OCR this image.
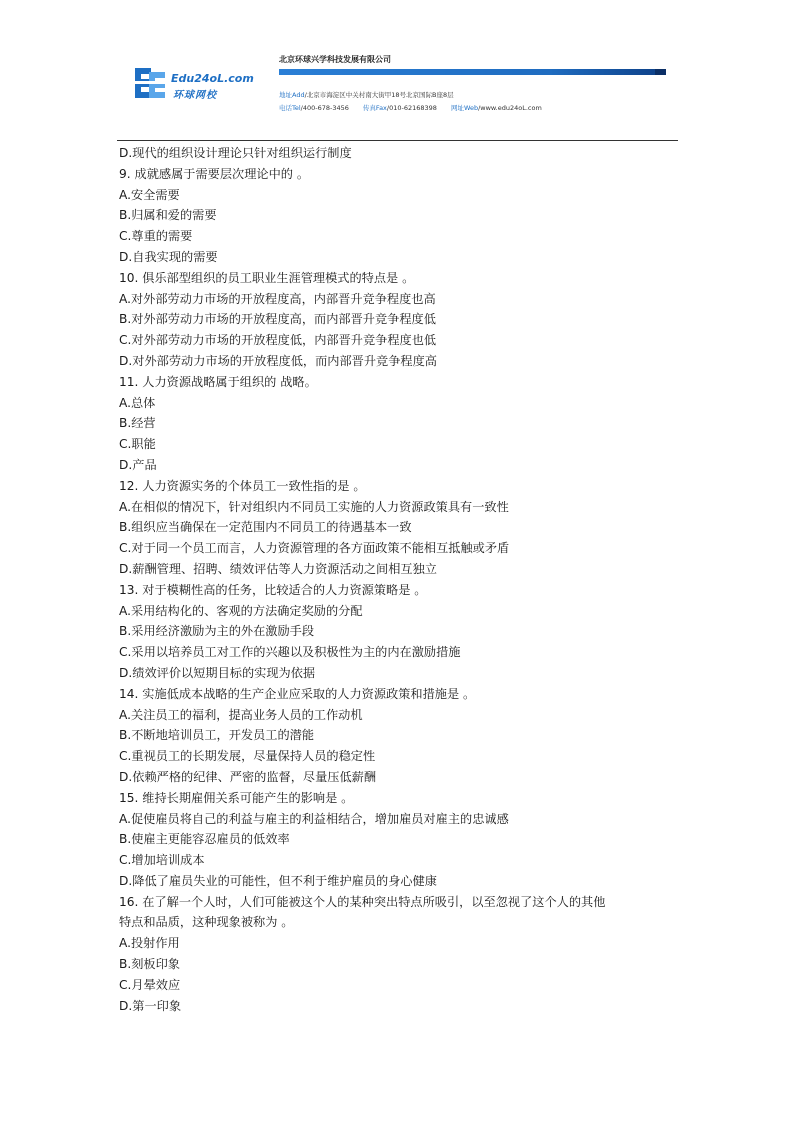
Edu24oL.com
环球网校
北京环球兴学科技发展有限公司
地址Add/北京市海淀区中关村南大街甲18号北京国际B座8层
电话Tel/400-678-3456 传真Fax/010-62168398 网址Web/www.edu24oL.com
D.现代的组织设计理论只针对组织运行制度
9. 成就感属于需要层次理论中的 。
A.安全需要
B.归属和爱的需要
C.尊重的需要
D.自我实现的需要
10. 俱乐部型组织的员工职业生涯管理模式的特点是 。
A.对外部劳动力市场的开放程度高，内部晋升竞争程度也高
B.对外部劳动力市场的开放程度高，而内部晋升竞争程度低
C.对外部劳动力市场的开放程度低，内部晋升竞争程度也低
D.对外部劳动力市场的开放程度低，而内部晋升竞争程度高
11. 人力资源战略属于组织的 战略。
A.总体
B.经营
C.职能
D.产品
12. 人力资源实务的个体员工一致性指的是 。
A.在相似的情况下，针对组织内不同员工实施的人力资源政策具有一致性
B.组织应当确保在一定范围内不同员工的待遇基本一致
C.对于同一个员工而言，人力资源管理的各方面政策不能相互抵触或矛盾
D.薪酬管理、招聘、绩效评估等人力资源活动之间相互独立
13. 对于模糊性高的任务，比较适合的人力资源策略是 。
A.采用结构化的、客观的方法确定奖励的分配
B.采用经济激励为主的外在激励手段
C.采用以培养员工对工作的兴趣以及积极性为主的内在激励措施
D.绩效评价以短期目标的实现为依据
14. 实施低成本战略的生产企业应采取的人力资源政策和措施是 。
A.关注员工的福利，提高业务人员的工作动机
B.不断地培训员工，开发员工的潜能
C.重视员工的长期发展，尽量保持人员的稳定性
D.依赖严格的纪律、严密的监督，尽量压低薪酬
15. 维持长期雇佣关系可能产生的影响是 。
A.促使雇员将自己的利益与雇主的利益相结合，增加雇员对雇主的忠诚感
B.使雇主更能容忍雇员的低效率
C.增加培训成本
D.降低了雇员失业的可能性，但不利于维护雇员的身心健康
16. 在了解一个人时，人们可能被这个人的某种突出特点所吸引，以至忽视了这个人的其他
特点和品质，这种现象被称为 。
A.投射作用
B.刻板印象
C.月晕效应
D.第一印象
